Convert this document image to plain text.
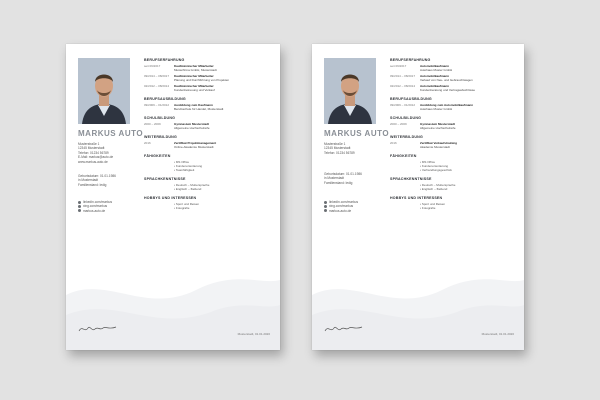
MARKUS AUTO
Musterstraße 1
12345 Musterstadt
Telefon: 01234 56789
E-Mail: markus@auto.de
www.markus-auto.de
Geburtsdatum: 01.01.1986
in Musterstadt
Familienstand: ledig
linkedin.com/markus
xing.com/markus
markus-auto.de
BERUFSERFAHRUNG
seit 09/2017	Kaufmännischer Mitarbeiter
Musterfirma GmbH, Musterstadt
09/2014 – 08/2017	Kaufmännischer Mitarbeiter
Planung und Durchführung von Projekten
02/2012 – 08/2014	Kaufmännischer Mitarbeiter
Kundenbetreuung und Verkauf
BERUFSAUSBILDUNG
09/2009 – 01/2012	Ausbildung zum Kaufmann
Berufsschule für Handel, Musterstadt
SCHULBILDUNG
2000 – 2009	Gymnasium Musterstadt
Allgemeine Hochschulreife
WEITERBILDUNG
2016	Zertifikat Projektmanagement
Online-Akademie Musterstadt
FÄHIGKEITEN
• MS Office
• Kundenorientierung
• Teamfähigkeit
SPRACHKENNTNISSE
• Deutsch – Muttersprache
• Englisch – fließend
HOBBYS UND INTERESSEN
• Sport und Reisen
• Fotografie
Musterstadt, 01.01.2020
MARKUS AUTO
Musterstraße 1
12345 Musterstadt
Telefon: 01234 56789
Geburtsdatum: 01.01.1986
in Musterstadt
Familienstand: ledig
linkedin.com/markus
xing.com/markus
markus-auto.de
BERUFSERFAHRUNG
seit 09/2017	Automobilkaufmann
Autohaus Muster GmbH
09/2014 – 08/2017	Automobilkaufmann
Verkauf von Neu- und Gebrauchtwagen
02/2012 – 08/2014	Automobilkaufmann
Kundenberatung und Vertragsabschlüsse
BERUFSAUSBILDUNG
09/2009 – 01/2012	Ausbildung zum Automobilkaufmann
Autohaus Muster GmbH
SCHULBILDUNG
2000 – 2009	Gymnasium Musterstadt
Allgemeine Hochschulreife
WEITERBILDUNG
2016	Zertifikat Verkaufstraining
Akademie Musterstadt
FÄHIGKEITEN
• MS Office
• Kundenorientierung
• Verhandlungsgeschick
SPRACHKENNTNISSE
• Deutsch – Muttersprache
• Englisch – fließend
HOBBYS UND INTERESSEN
• Sport und Reisen
• Fotografie
Musterstadt, 01.01.2020
